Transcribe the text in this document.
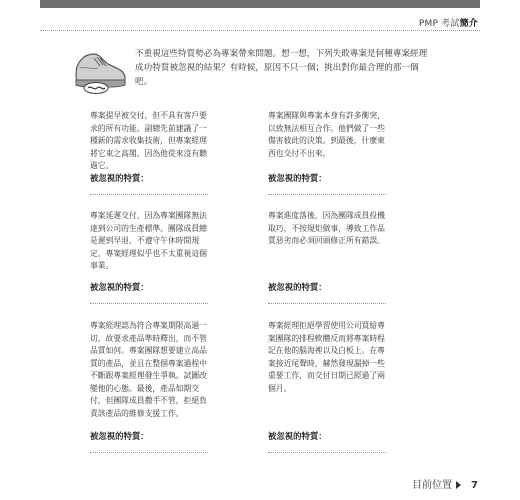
PMP 考試簡介
不重視這些特質勢必為專案帶來問題。想一想，下列失敗專案是何種專案經理成功特質被忽視的結果？有時候，原因不只一個；挑出對你最合理的那一個吧。
專案提早被交付，但不具有客戶要求的所有功能。副總先前建議了一種新的需求收集技術，但專案經理將它束之高閣，因為他從來沒有聽過它。
被忽視的特質：
專案延遲交付，因為專案團隊無法達到公司的生產標準。團隊成員總是遲到早退，不遵守午休時間規定。專案經理似乎也不太重視這個事業。
被忽視的特質：
專案經理認為符合專案期限高過一切，故要求產品準時釋出，而不管品質如何。專案團隊想要建立高品質的產品，並且在整個專案過程中不斷跟專案經理發生爭執。試圖改變他的心態。最後，產品如期交付，但團隊成員撒手不管，拒絕負責該產品的維修支援工作。
被忽視的特質：
專案團隊與專案本身有許多衝突，以致無法相互合作。他們做了一些傷害彼此的決策。到最後，什麼東西也交付不出來。
被忽視的特質：
專案進度落後，因為團隊成員投機取巧，不按規矩做事，導致工作品質惡劣而必須回頭修正所有錯誤。
被忽視的特質：
專案經理拒絕學習使用公司買給專案團隊的排程軟體反而將專案時程記在他的腦海裡以及白板上。在專案接近尾聲時，赫然發現漏掉一些重要工作，而交付日期已經過了兩個月。
被忽視的特質：
目前位置 7
